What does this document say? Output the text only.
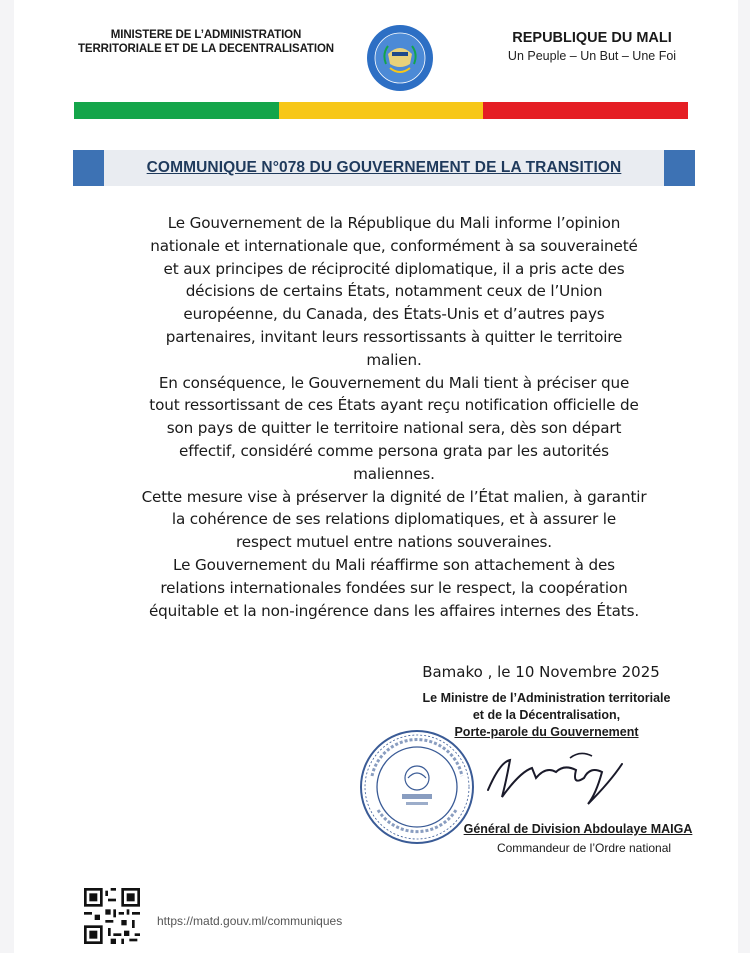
MINISTERE DE L’ADMINISTRATION
TERRITORIALE ET DE LA DECENTRALISATION
REPUBLIQUE DU MALI
Un Peuple – Un But – Une Foi
COMMUNIQUE N°078 DU GOUVERNEMENT DE LA TRANSITION

Le Gouvernement de la République du Mali informe l’opinion
nationale et internationale que, conformément à sa souveraineté
et aux principes de réciprocité diplomatique, il a pris acte des
décisions de certains États, notamment ceux de l’Union
européenne, du Canada, des États-Unis et d’autres pays
partenaires, invitant leurs ressortissants à quitter le territoire
malien.

En conséquence, le Gouvernement du Mali tient à préciser que
tout ressortissant de ces États ayant reçu notification officielle de
son pays de quitter le territoire national sera, dès son départ
effectif, considéré comme persona grata par les autorités
maliennes.

Cette mesure vise à préserver la dignité de l’État malien, à garantir
la cohérence de ses relations diplomatiques, et à assurer le
respect mutuel entre nations souveraines.

Le Gouvernement du Mali réaffirme son attachement à des
relations internationales fondées sur le respect, la coopération
équitable et la non-ingérence dans les affaires internes des États.

Bamako , le 10 Novembre 2025
Le Ministre de l’Administration territoriale
et de la Décentralisation,
Porte-parole du Gouvernement
Général de Division Abdoulaye MAIGA
Commandeur de l’Ordre national
https://matd.gouv.ml/communiques
